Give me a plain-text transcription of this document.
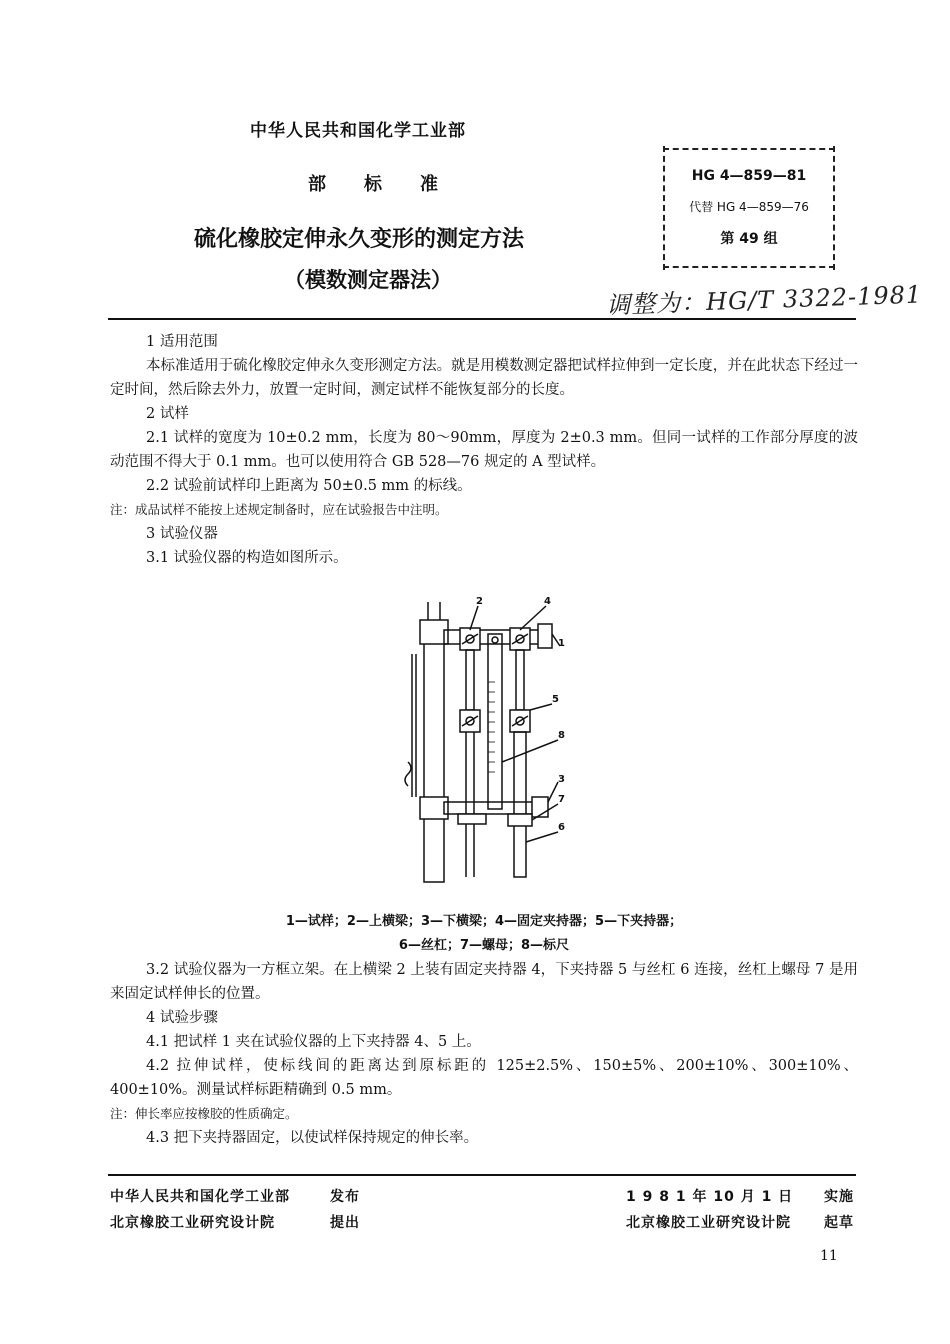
中华人民共和国化学工业部
部标准
硫化橡胶定伸永久变形的测定方法
（模数测定器法）
HG 4—859—81
代替 HG 4—859—76
第 49 组
调整为：HG/T 3322-1981
1 适用范围
本标准适用于硫化橡胶定伸永久变形测定方法。就是用模数测定器把试样拉伸到一定长度，并在此状态下经过一定时间，然后除去外力，放置一定时间，测定试样不能恢复部分的长度。
2 试样
2.1 试样的宽度为 10±0.2 mm，长度为 80～90mm，厚度为 2±0.3 mm。但同一试样的工作部分厚度的波动范围不得大于 0.1 mm。也可以使用符合 GB 528—76 规定的 A 型试样。
2.2 试验前试样印上距离为 50±0.5 mm 的标线。
注：成品试样不能按上述规定制备时，应在试验报告中注明。
3 试验仪器
3.1 试验仪器的构造如图所示。
2	4
1
5
8
3
7
6
1—试样；2—上横梁；3—下横梁；4—固定夹持器；5—下夹持器；
6—丝杠；7—螺母；8—标尺
3.2 试验仪器为一方框立架。在上横梁 2 上装有固定夹持器 4，下夹持器 5 与丝杠 6 连接，丝杠上螺母 7 是用来固定试样伸长的位置。
4 试验步骤
4.1 把试样 1 夹在试验仪器的上下夹持器 4、5 上。
4.2 拉伸试样，使标线间的距离达到原标距的 125±2.5%、150±5%、200±10%、300±10%、400±10%。测量试样标距精确到 0.5 mm。
注：伸长率应按橡胶的性质确定。
4.3 把下夹持器固定，以使试样保持规定的伸长率。
中华人民共和国化学工业部	发布	1 9 8 1 年 10 月 1 日 实施
北京橡胶工业研究设计院	提出	北京橡胶工业研究设计院 起草
11
